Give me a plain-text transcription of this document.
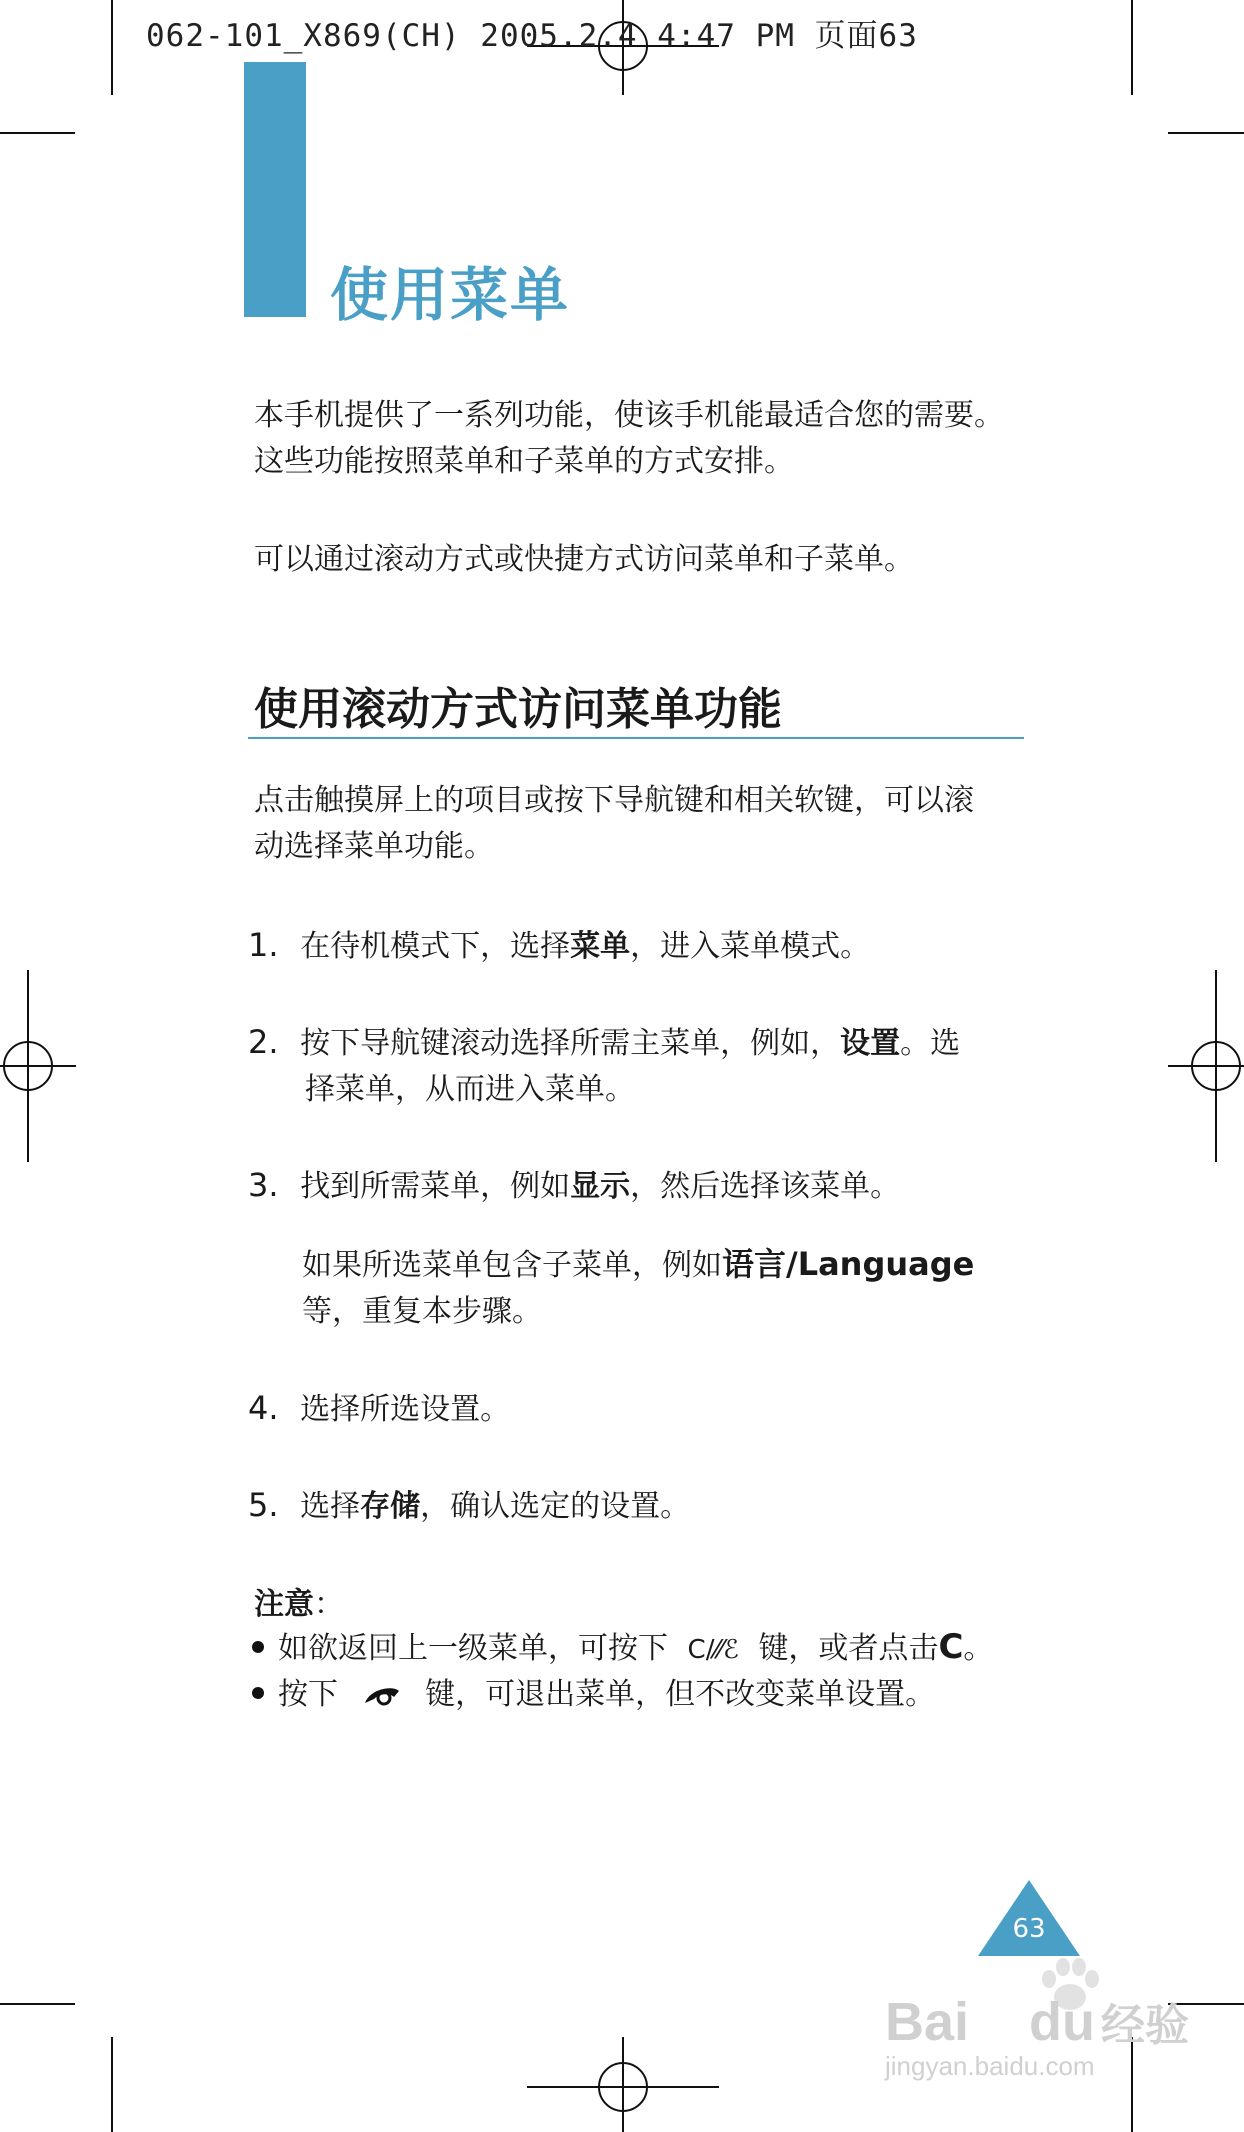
062-101_X869(CH) 2005.2.4 4:47 PM 页面63
使用菜单
本手机提供了一系列功能，使该手机能最适合您的需要。
这些功能按照菜单和子菜单的方式安排。
可以通过滚动方式或快捷方式访问菜单和子菜单。
使用滚动方式访问菜单功能
点击触摸屏上的项目或按下导航键和相关软键，可以滚
动选择菜单功能。
1. 在待机模式下，选择菜单，进入菜单模式。
2. 按下导航键滚动选择所需主菜单，例如，设置。选
择菜单，从而进入菜单。
3. 找到所需菜单，例如显示，然后选择该菜单。
如果所选菜单包含子菜单，例如语言/Language
等，重复本步骤。
4. 选择所选设置。
5. 选择存储，确认选定的设置。
注意：
如欲返回上一级菜单，可按下 C/⁄⁄ℰ 键，或者点击C。
按下	键，可退出菜单，但不改变菜单设置。
63
Bai du 经验
jingyan.baidu.com
